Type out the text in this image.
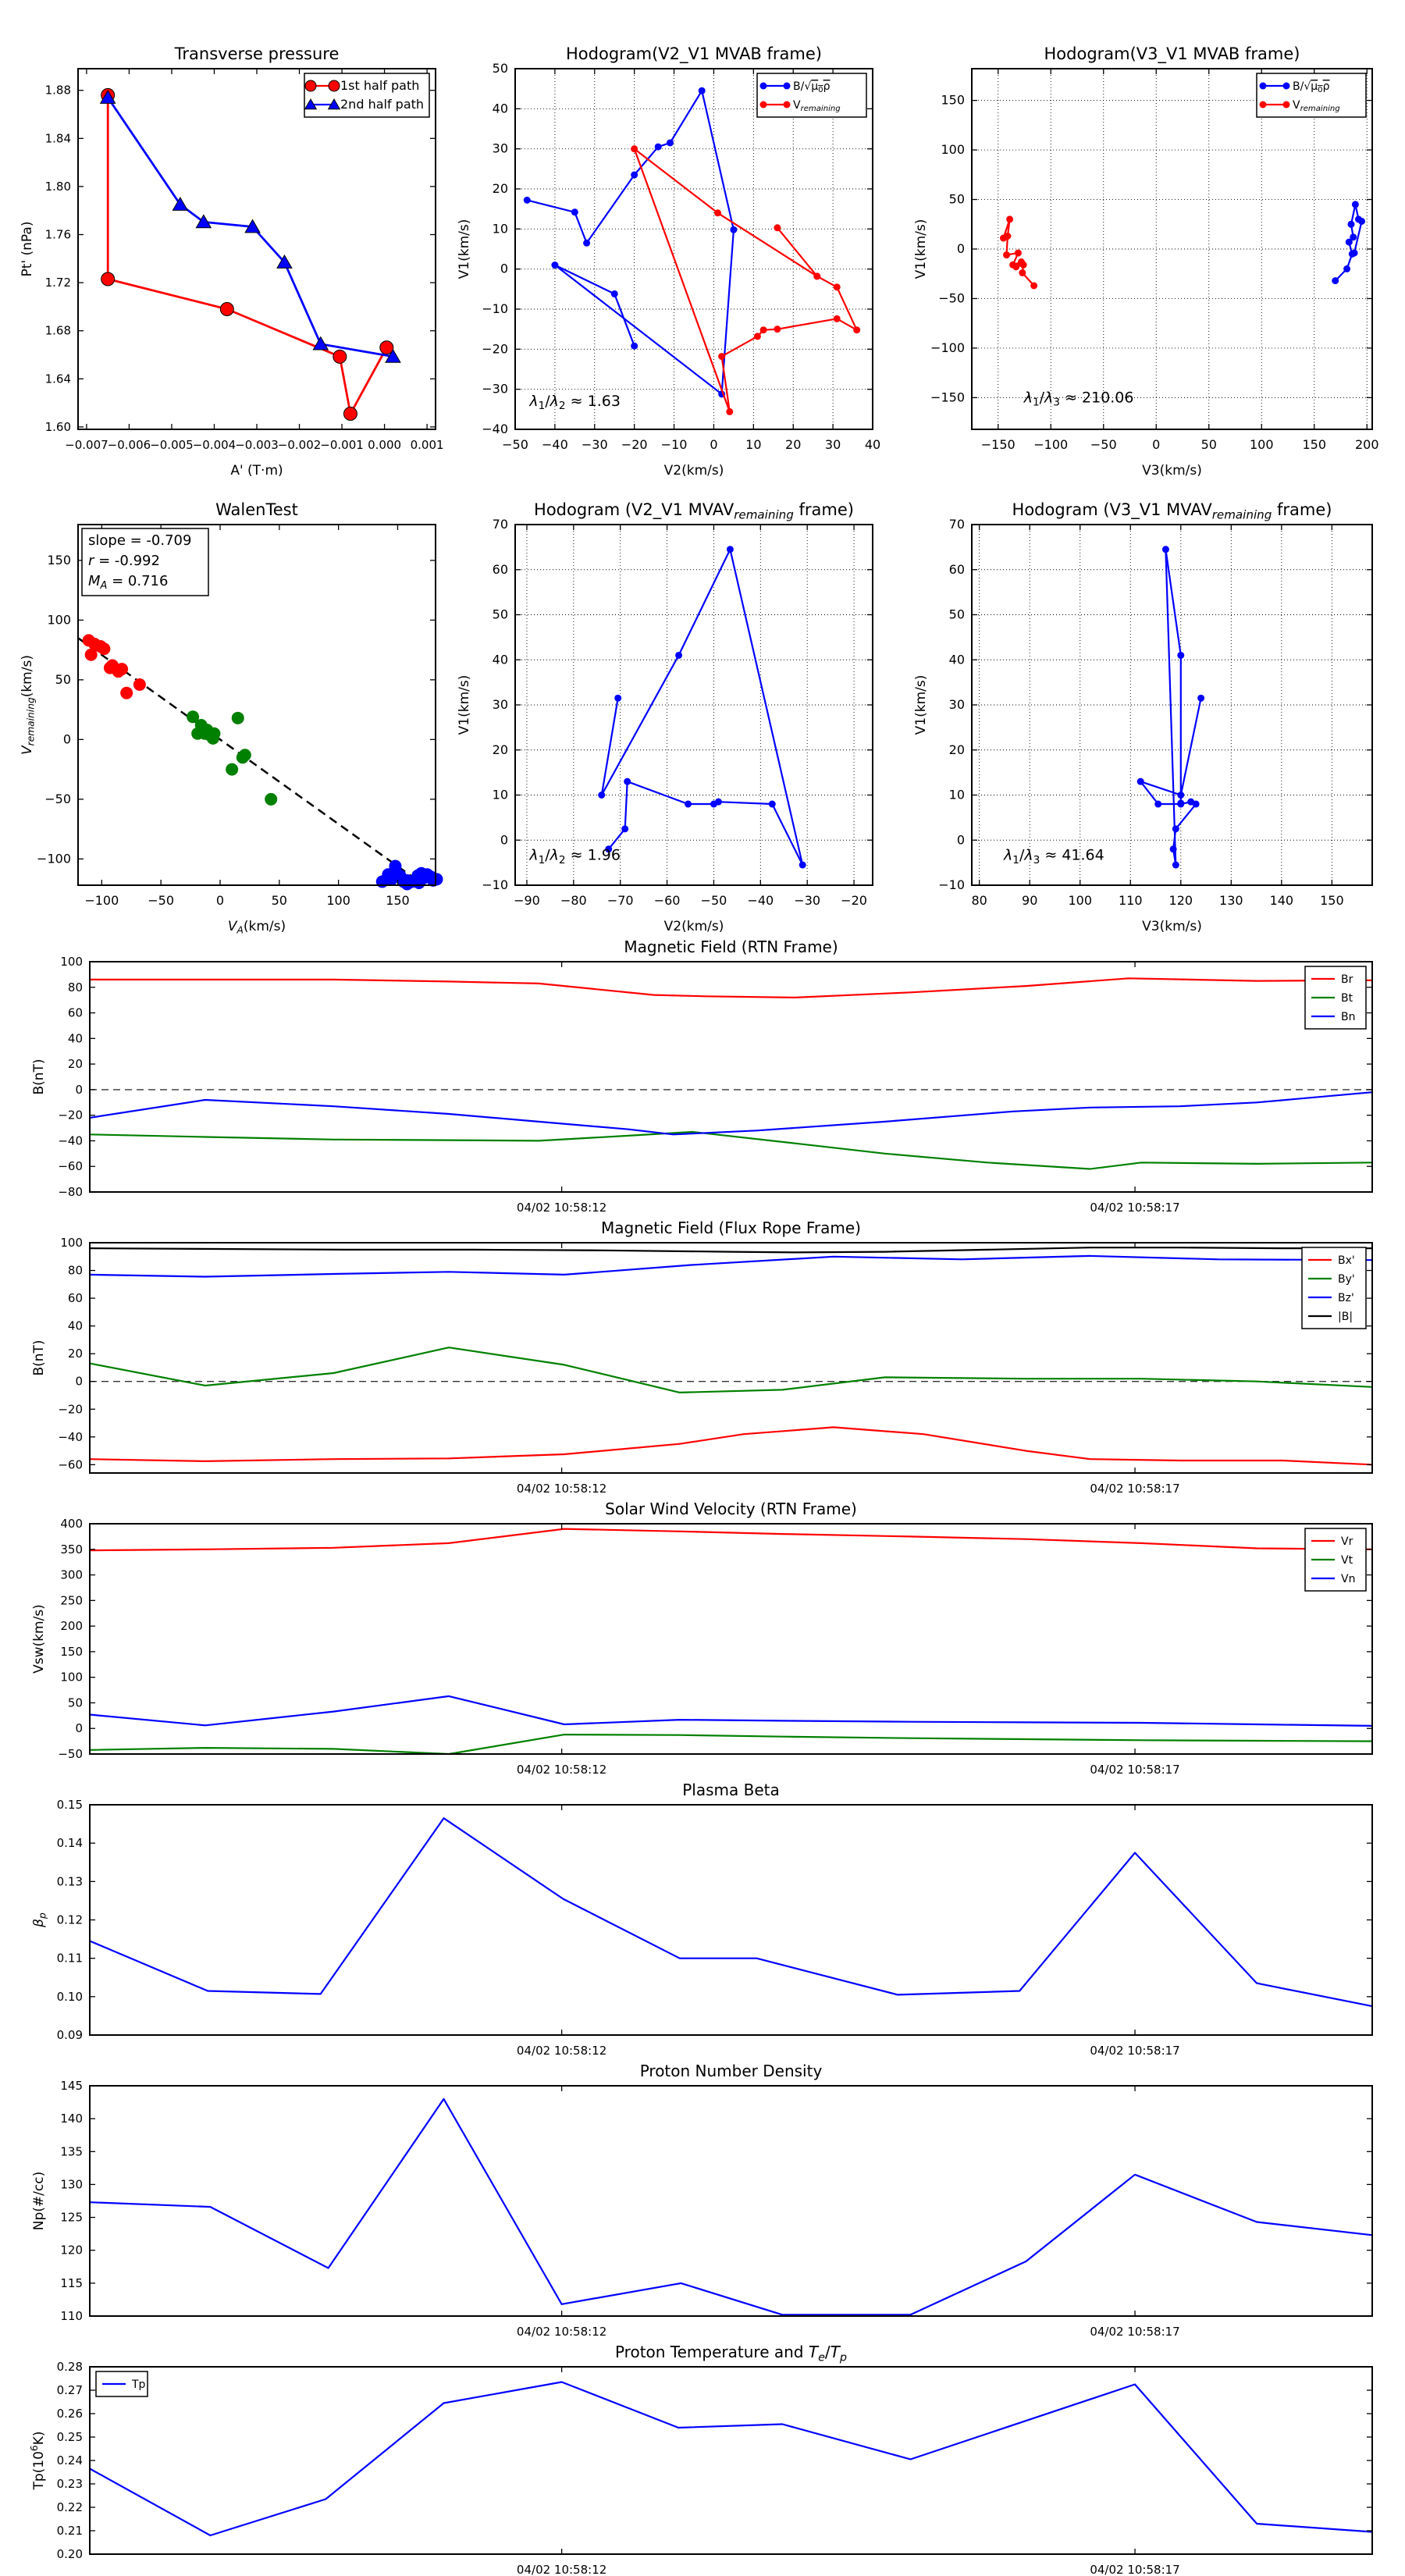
−0.007 −0.006 −0.005 −0.004 −0.003 −0.002 −0.001 0.000 0.001
1.60
1.64
1.68
1.72
1.76
1.80
1.84
1.88
Transverse pressure
A' (T·m)
Pt' (nPa)
1st half path
2nd half path
−50 −40 −30 −20 −10 0 10 20 30 40
−40
−30
−20
−10
0
10
20
30
40
50
Hodogram(V2_V1 MVAB frame)
V2(km/s)
V1(km/s)
$B/√\mu_0\rho$
$V_{remaining}$
$\lambda_1/\lambda_2 \approx 1.63$
−150 −100 −50	0	50	100 150 200
−150
−100
−50
0
50
100
150
Hodogram(V3_V1 MVAB frame)
V3(km/s)
V1(km/s)
$B/√\mu_0\rho$
$V_{remaining}$
$\lambda_1/\lambda_3 \approx 210.06$
−100 −50	0	50	100	150
−100
−50
0
50
100
150
WalenTest
$V_A(km/s)$
$V_{remaining}(km/s)$
slope = -0.709
r = -0.992
$M_A = 0.716$
−90 −80 −70 −60 −50 −40 −30 −20
−10
0
10
20
30
40
50
60
70
Hodogram (V2_V1 $MVAV_{remaining}$ frame)
V2(km/s)
V1(km/s)
$\lambda_1/\lambda_2 \approx 1.96$
80	90 100 110 120 130 140 150
−10
0
10
20
30
40
50
60
70
Hodogram (V3_V1 $MVAV_{remaining}$ frame)
V3(km/s)
V1(km/s)
$\lambda_1/\lambda_3 \approx 41.64$
04/02 10:58:12	04/02 10:58:17
−80
−60
−40
−20
0
20
40
60
80
100
Magnetic Field (RTN Frame)
B(nT)
Br
Bt
Bn
04/02 10:58:12	04/02 10:58:17
−60
−40
−20
0
20
40
60
80
100
Magnetic Field (Flux Rope Frame)
B(nT)
Bx'
By'
Bz'
|B|
04/02 10:58:12	04/02 10:58:17
−50
0
50
100
150
200
250
300
350
400
Solar Wind Velocity (RTN Frame)
Vsw(km/s)
Vr
Vt
Vn
04/02 10:58:12	04/02 10:58:17
0.09
0.10
0.11
0.12
0.13
0.14
0.15
Plasma Beta
$\beta_p$
04/02 10:58:12	04/02 10:58:17
110
115
120
125
130
135
140
145
Proton Number Density
Np(#/cc)
04/02 10:58:12	04/02 10:58:17
0.20
0.21
0.22
0.23
0.24
0.25
0.26
0.27
0.28
Proton Temperature and $T_e/T_p$
$Tp(10^6K)$
Tp
